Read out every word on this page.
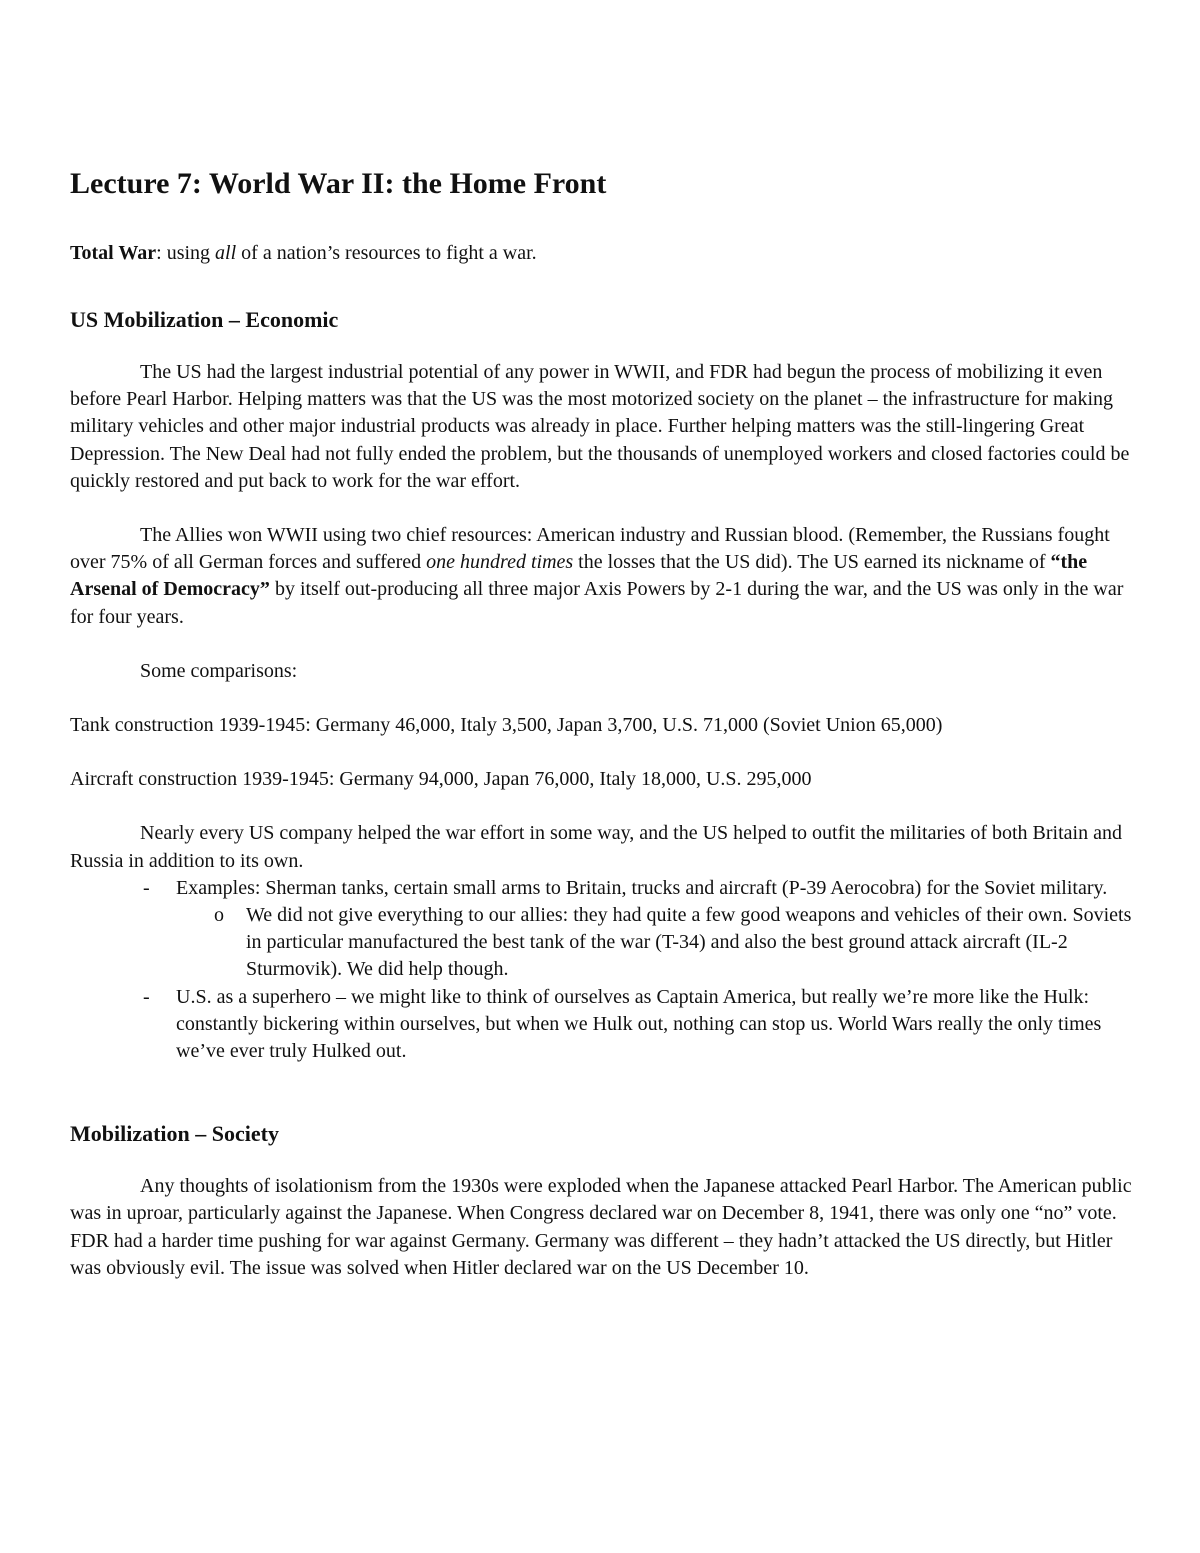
Lecture 7: World War II: the Home Front

Total War: using all of a nation’s resources to fight a war.

US Mobilization – Economic

The US had the largest industrial potential of any power in WWII, and FDR had begun the process of mobilizing it even before Pearl Harbor. Helping matters was that the US was the most motorized society on the planet – the infrastructure for making military vehicles and other major industrial products was already in place. Further helping matters was the still-lingering Great Depression. The New Deal had not fully ended the problem, but the thousands of unemployed workers and closed factories could be quickly restored and put back to work for the war effort.

The Allies won WWII using two chief resources: American industry and Russian blood. (Remember, the Russians fought over 75% of all German forces and suffered one hundred times the losses that the US did). The US earned its nickname of “the Arsenal of Democracy” by itself out-producing all three major Axis Powers by 2-1 during the war, and the US was only in the war for four years.

Some comparisons:

Tank construction 1939-1945: Germany 46,000, Italy 3,500, Japan 3,700, U.S. 71,000 (Soviet Union 65,000)

Aircraft construction 1939-1945: Germany 94,000, Japan 76,000, Italy 18,000, U.S. 295,000

Nearly every US company helped the war effort in some way, and the US helped to outfit the militaries of both Britain and Russia in addition to its own.

- Examples: Sherman tanks, certain small arms to Britain, trucks and aircraft (P-39 Aerocobra) for the Soviet military.
o We did not give everything to our allies: they had quite a few good weapons and vehicles of their own. Soviets in particular manufactured the best tank of the war (T-34) and also the best ground attack aircraft (IL-2 Sturmovik). We did help though.
- U.S. as a superhero – we might like to think of ourselves as Captain America, but really we’re more like the Hulk: constantly bickering within ourselves, but when we Hulk out, nothing can stop us. World Wars really the only times we’ve ever truly Hulked out.
Mobilization – Society

Any thoughts of isolationism from the 1930s were exploded when the Japanese attacked Pearl Harbor. The American public was in uproar, particularly against the Japanese. When Congress declared war on December 8, 1941, there was only one “no” vote. FDR had a harder time pushing for war against Germany. Germany was different – they hadn’t attacked the US directly, but Hitler was obviously evil. The issue was solved when Hitler declared war on the US December 10.
